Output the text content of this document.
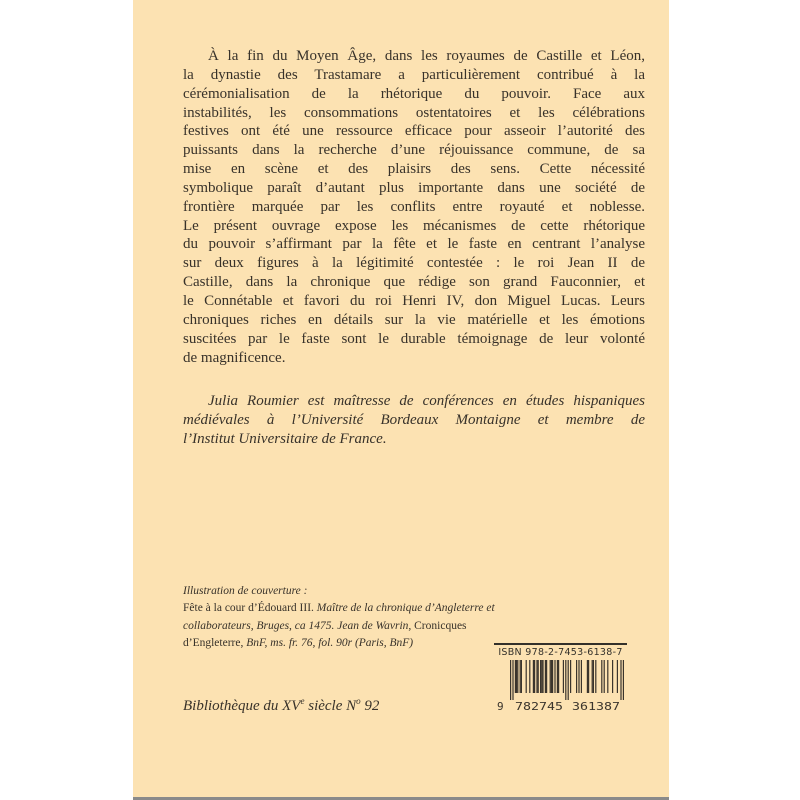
À la fin du Moyen Âge, dans les royaumes de Castille et Léon,
la dynastie des Trastamare a particulièrement contribué à la
cérémonialisation de la rhétorique du pouvoir. Face aux
instabilités, les consommations ostentatoires et les célébrations
festives ont été une ressource efficace pour asseoir l’autorité des
puissants dans la recherche d’une réjouissance commune, de sa
mise en scène et des plaisirs des sens. Cette nécessité
symbolique paraît d’autant plus importante dans une société de
frontière marquée par les conflits entre royauté et noblesse.
Le présent ouvrage expose les mécanismes de cette rhétorique
du pouvoir s’affirmant par la fête et le faste en centrant l’analyse
sur deux figures à la légitimité contestée : le roi Jean II de
Castille, dans la chronique que rédige son grand Fauconnier, et
le Connétable et favori du roi Henri IV, don Miguel Lucas. Leurs
chroniques riches en détails sur la vie matérielle et les émotions
suscitées par le faste sont le durable témoignage de leur volonté
de magnificence.
Julia Roumier est maîtresse de conférences en études hispaniques
médiévales à l’Université Bordeaux Montaigne et membre de
l’Institut Universitaire de France.
Illustration de couverture :
Fête à la cour d’Édouard III. Maître de la chronique d’Angleterre et
collaborateurs, Bruges, ca 1475. Jean de Wavrin, Cronicques
d’Engleterre, BnF, ms. fr. 76, fol. 90r (Paris, BnF)
Bibliothèque du XVe siècle $N^o$ 92
ISBN 978-2-7453-6138-7
9 782745 361387
